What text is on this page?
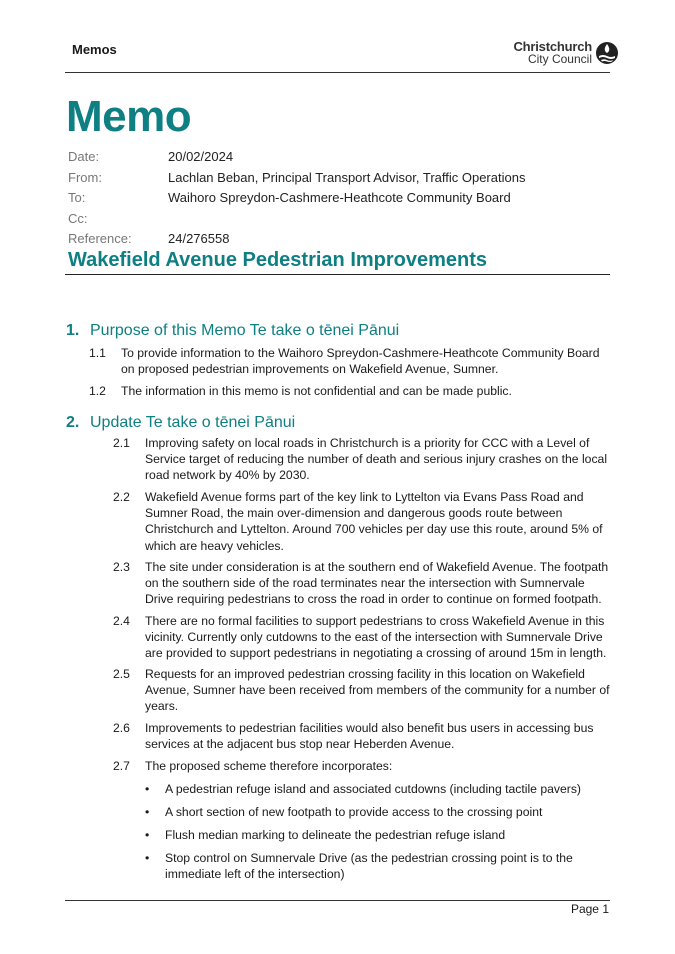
Memos	Christchurch
City Council
Memo
Date:	20/02/2024
From:	Lachlan Beban, Principal Transport Advisor, Traffic Operations
To:	Waihoro Spreydon-Cashmere-Heathcote Community Board
Cc:
Reference:	24/276558
Wakefield Avenue Pedestrian Improvements
1. Purpose of this Memo Te take o tēnei Pānui
1.1 To provide information to the Waihoro Spreydon-Cashmere-Heathcote Community Board on proposed pedestrian improvements on Wakefield Avenue, Sumner.
1.2 The information in this memo is not confidential and can be made public.
2. Update Te take o tēnei Pānui
2.1 Improving safety on local roads in Christchurch is a priority for CCC with a Level of Service target of reducing the number of death and serious injury crashes on the local road network by 40% by 2030.
2.2 Wakefield Avenue forms part of the key link to Lyttelton via Evans Pass Road and Sumner Road, the main over-dimension and dangerous goods route between Christchurch and Lyttelton. Around 700 vehicles per day use this route, around 5% of which are heavy vehicles.
2.3 The site under consideration is at the southern end of Wakefield Avenue. The footpath on the southern side of the road terminates near the intersection with Sumnervale Drive requiring pedestrians to cross the road in order to continue on formed footpath.
2.4 There are no formal facilities to support pedestrians to cross Wakefield Avenue in this vicinity. Currently only cutdowns to the east of the intersection with Sumnervale Drive are provided to support pedestrians in negotiating a crossing of around 15m in length.
2.5 Requests for an improved pedestrian crossing facility in this location on Wakefield Avenue, Sumner have been received from members of the community for a number of years.
2.6 Improvements to pedestrian facilities would also benefit bus users in accessing bus services at the adjacent bus stop near Heberden Avenue.
2.7 The proposed scheme therefore incorporates:
• A pedestrian refuge island and associated cutdowns (including tactile pavers)
• A short section of new footpath to provide access to the crossing point
• Flush median marking to delineate the pedestrian refuge island
• Stop control on Sumnervale Drive (as the pedestrian crossing point is to the immediate left of the intersection)
Page 1
